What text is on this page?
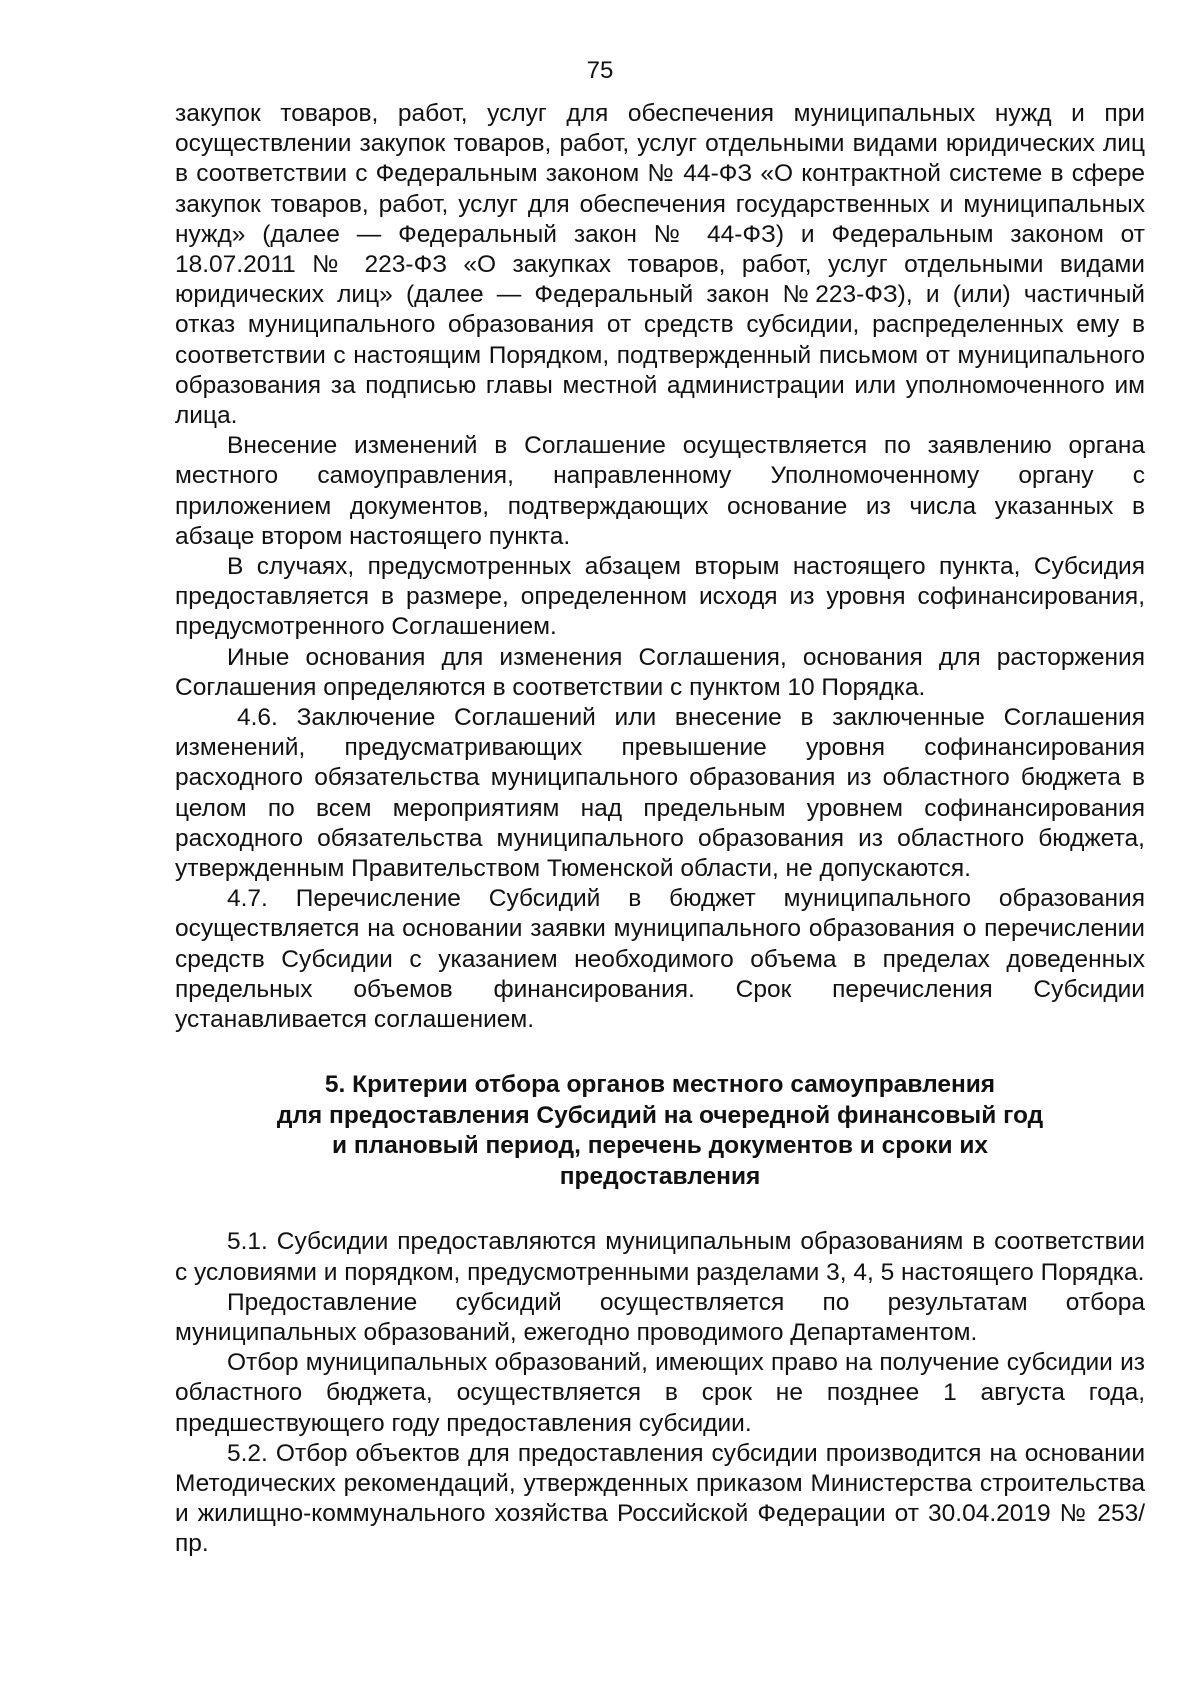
75

закупок товаров, работ, услуг для обеспечения муниципальных нужд и при осуществлении закупок товаров, работ, услуг отдельными видами юридических лиц в соответствии с Федеральным законом № 44-ФЗ «О контрактной системе в сфере закупок товаров, работ, услуг для обеспечения государственных и муниципальных нужд» (далее — Федеральный закон № 44-ФЗ) и Федеральным законом от 18.07.2011 № 223-ФЗ «О закупках товаров, работ, услуг отдельными видами юридических лиц» (далее — Федеральный закон №223-ФЗ), и (или) частичный отказ муниципального образования от средств субсидии, распределенных ему в соответствии с настоящим Порядком, подтвержденный письмом от муниципального образования за подписью главы местной администрации или уполномоченного им лица.

Внесение изменений в Соглашение осуществляется по заявлению органа местного самоуправления, направленному Уполномоченному органу с приложением документов, подтверждающих основание из числа указанных в абзаце втором настоящего пункта.

В случаях, предусмотренных абзацем вторым настоящего пункта, Субсидия предоставляется в размере, определенном исходя из уровня софинансирования, предусмотренного Соглашением.

Иные основания для изменения Соглашения, основания для расторжения Соглашения определяются в соответствии с пунктом 10 Порядка.

4.6. Заключение Соглашений или внесение в заключенные Соглашения изменений, предусматривающих превышение уровня софинансирования расходного обязательства муниципального образования из областного бюджета в целом по всем мероприятиям над предельным уровнем софинансирования расходного обязательства муниципального образования из областного бюджета, утвержденным Правительством Тюменской области, не допускаются.

4.7. Перечисление Субсидий в бюджет муниципального образования осуществляется на основании заявки муниципального образования о перечислении средств Субсидии с указанием необходимого объема в пределах доведенных предельных объемов финансирования. Срок перечисления Субсидии устанавливается соглашением.

5. Критерии отбора органов местного самоуправления
для предоставления Субсидий на очередной финансовый год
и плановый период, перечень документов и сроки их
предоставления

5.1. Субсидии предоставляются муниципальным образованиям в соответствии с условиями и порядком, предусмотренными разделами 3, 4, 5 настоящего Порядка.

Предоставление субсидий осуществляется по результатам отбора муниципальных образований, ежегодно проводимого Департаментом.

Отбор муниципальных образований, имеющих право на получение субсидии из областного бюджета, осуществляется в срок не позднее 1 августа года, предшествующего году предоставления субсидии.

5.2. Отбор объектов для предоставления субсидии производится на основании Методических рекомендаций, утвержденных приказом Министерства строительства и жилищно-коммунального хозяйства Российской Федерации от 30.04.2019 № 253/пр.
